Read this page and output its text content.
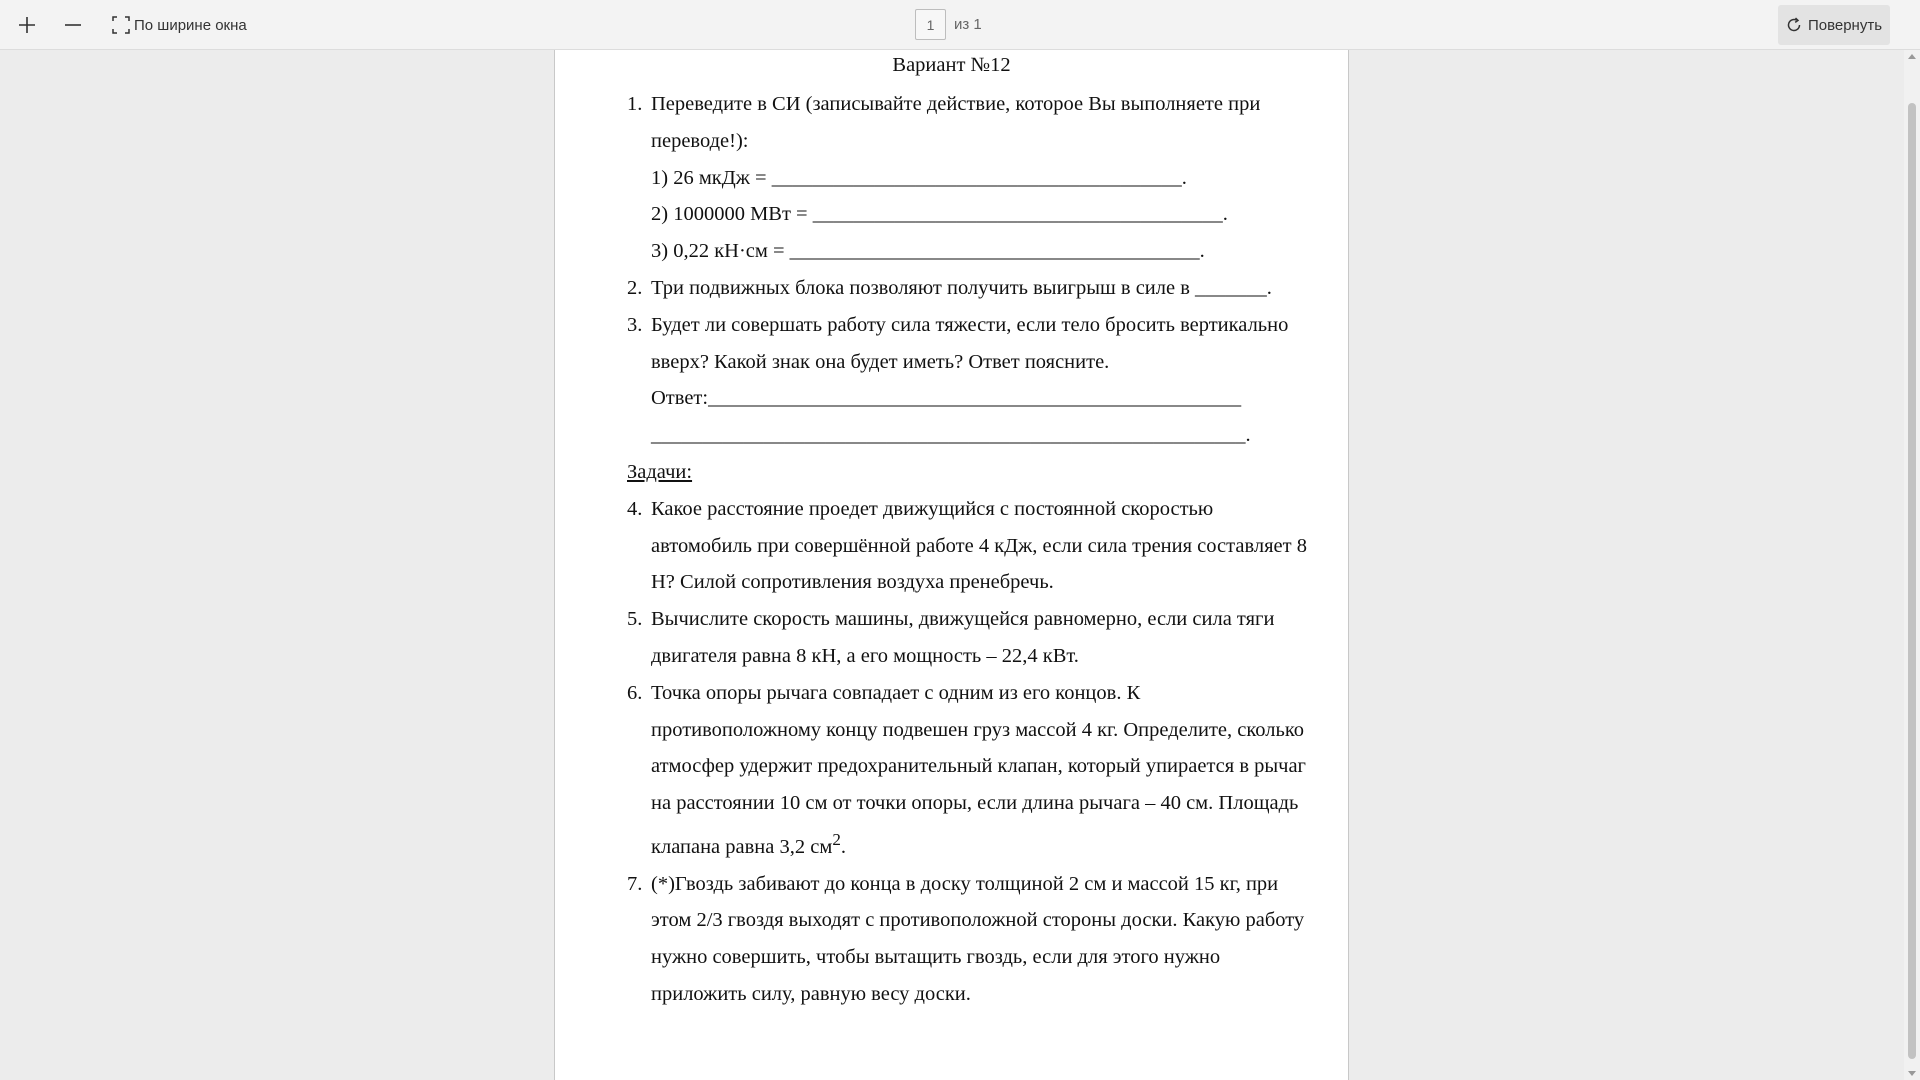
По ширине окна
1	из 1	Повернуть
Вариант №12
1. Переведите в СИ (записывайте действие, которое Вы выполняете при переводе!):
1) 26 мкДж = ________________________________________.
2) 1000000 МВт = ________________________________________.
3) 0,22 кН·см = ________________________________________.
2. Три подвижных блока позволяют получить выигрыш в силе в _______.
3. Будет ли совершать работу сила тяжести, если тело бросить вертикально вверх? Какой знак она будет иметь? Ответ поясните.
Ответ:____________________________________________________
__________________________________________________________.
Задачи:
4. Какое расстояние проедет движущийся с постоянной скоростью автомобиль при совершённой работе 4 кДж, если сила трения составляет 8 Н? Силой сопротивления воздуха пренебречь.
5. Вычислите скорость машины, движущейся равномерно, если сила тяги двигателя равна 8 кН, а его мощность – 22,4 кВт.
6. Точка опоры рычага совпадает с одним из его концов. К противоположному концу подвешен груз массой 4 кг. Определите, сколько атмосфер удержит предохранительный клапан, который упирается в рычаг на расстоянии 10 см от точки опоры, если длина рычага – 40 см. Площадь клапана равна 3,2 $см^2$.
7. (*)Гвоздь забивают до конца в доску толщиной 2 см и массой 15 кг, при этом 2/3 гвоздя выходят с противоположной стороны доски. Какую работу нужно совершить, чтобы вытащить гвоздь, если для этого нужно приложить силу, равную весу доски.
